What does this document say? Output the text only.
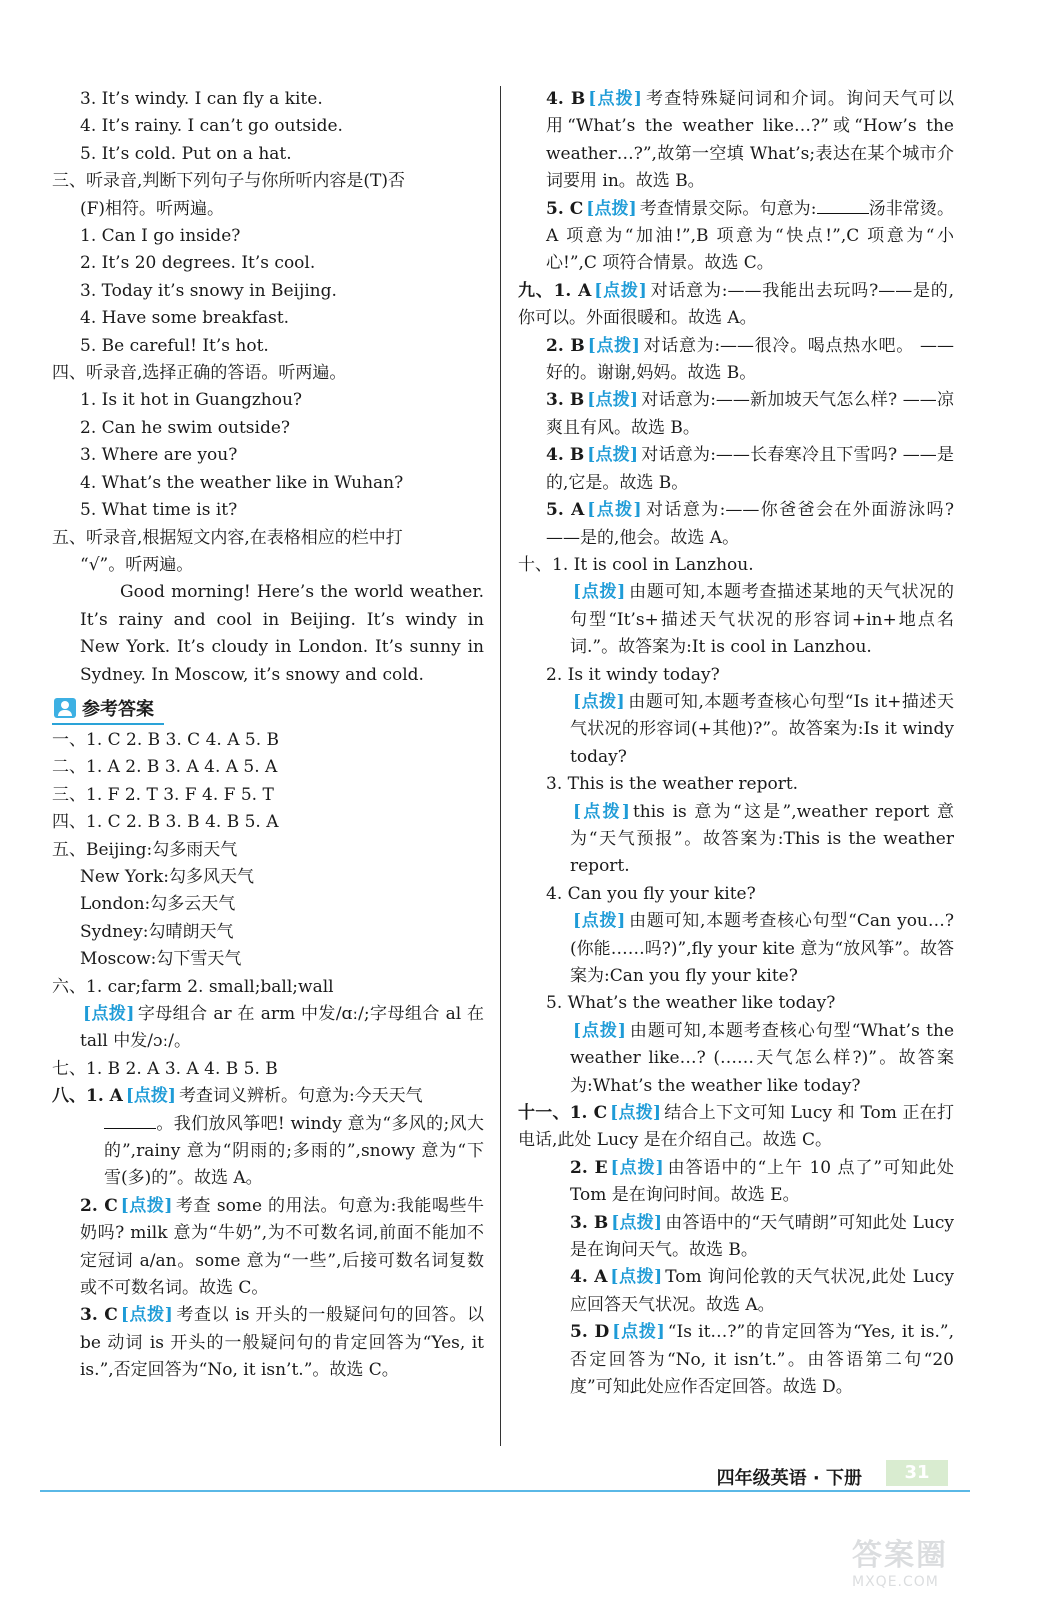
3. It’s windy. I can fly a kite.
4. It’s rainy. I can’t go outside.
5. It’s cold. Put on a hat.
三、听录音,判断下列句子与你所听内容是(T)否
(F)相符。听两遍。
1. Can I go inside?
2. It’s 20 degrees. It’s cool.
3. Today it’s snowy in Beijing.
4. Have some breakfast.
5. Be careful! It’s hot.
四、听录音,选择正确的答语。听两遍。
1. Is it hot in Guangzhou?
2. Can he swim outside?
3. Where are you?
4. What’s the weather like in Wuhan?
5. What time is it?
五、听录音,根据短文内容,在表格相应的栏中打
“√”。听两遍。
Good morning! Here’s the world weather. It’s rainy and cool in Beijing. It’s windy in New York. It’s cloudy in London. It’s sunny in Sydney. In Moscow, it’s snowy and cold.
参考答案
一、1. C 2. B 3. C 4. A 5. B
二、1. A 2. B 3. A 4. A 5. A
三、1. F 2. T 3. F 4. F 5. T
四、1. C 2. B 3. B 4. B 5. A
五、Beijing:勾多雨天气
New York:勾多风天气
London:勾多云天气
Sydney:勾晴朗天气
Moscow:勾下雪天气
六、1. car;farm 2. small;ball;wall
[点拨] 字母组合 ar 在 arm 中发/ɑː/;字母组合 al 在 tall 中发/ɔː/。
七、1. B 2. A 3. A 4. B 5. B
八、1. A [点拨] 考查词义辨析。句意为:今天天气
。我们放风筝吧! windy 意为“多风的;风大的”,rainy 意为“阴雨的;多雨的”,snowy 意为“下雪(多)的”。故选 A。
2. C [点拨] 考查 some 的用法。句意为:我能喝些牛奶吗? milk 意为“牛奶”,为不可数名词,前面不能加不定冠词 a/an。some 意为“一些”,后接可数名词复数或不可数名词。故选 C。
3. C [点拨] 考查以 is 开头的一般疑问句的回答。以 be 动词 is 开头的一般疑问句的肯定回答为“Yes, it is.”,否定回答为“No, it isn’t.”。故选 C。
4. B [点拨] 考查特殊疑问词和介词。询问天气可以用“What’s the weather like…?”或“How’s the weather…?”,故第一空填 What’s;表达在某个城市介词要用 in。故选 B。
5. C [点拨] 考查情景交际。句意为:	汤非常烫。A 项意为“加油!”,B 项意为“快点!”,C 项意为“小心!”,C 项符合情景。故选 C。
九、1. A [点拨] 对话意为:——我能出去玩吗?——是的,你可以。外面很暖和。故选 A。
2. B [点拨] 对话意为:——很冷。喝点热水吧。 ——好的。谢谢,妈妈。故选 B。
3. B [点拨] 对话意为:——新加坡天气怎么样? ——凉爽且有风。故选 B。
4. B [点拨] 对话意为:——长春寒冷且下雪吗? ——是的,它是。故选 B。
5. A [点拨] 对话意为:——你爸爸会在外面游泳吗? ——是的,他会。故选 A。
十、1. It is cool in Lanzhou.
[点拨] 由题可知,本题考查描述某地的天气状况的句型“It’s+描述天气状况的形容词+in+地点名词.”。故答案为:It is cool in Lanzhou.
2. Is it windy today?
[点拨] 由题可知,本题考查核心句型“Is it+描述天气状况的形容词(+其他)?”。故答案为:Is it windy today?
3. This is the weather report.
[点拨] this is 意为“这是”,weather report 意为“天气预报”。故答案为:This is the weather report.
4. Can you fly your kite?
[点拨] 由题可知,本题考查核心句型“Can you…? (你能……吗?)”,fly your kite 意为“放风筝”。故答案为:Can you fly your kite?
5. What’s the weather like today?
[点拨] 由题可知,本题考查核心句型“What’s the weather like…? (……天气怎么样?)”。故答案为:What’s the weather like today?
十一、1. C [点拨] 结合上下文可知 Lucy 和 Tom 正在打电话,此处 Lucy 是在介绍自己。故选 C。
2. E [点拨] 由答语中的“上午 10 点了”可知此处 Tom 是在询问时间。故选 E。
3. B [点拨] 由答语中的“天气晴朗”可知此处 Lucy 是在询问天气。故选 B。
4. A [点拨] Tom 询问伦敦的天气状况,此处 Lucy 应回答天气状况。故选 A。
5. D [点拨] “Is it…?”的肯定回答为“Yes, it is.”,否定回答为“No, it isn’t.”。由答语第二句“20 度”可知此处应作否定回答。故选 D。
四年级英语 · 下册	31
答案圈
MXQE.COM
